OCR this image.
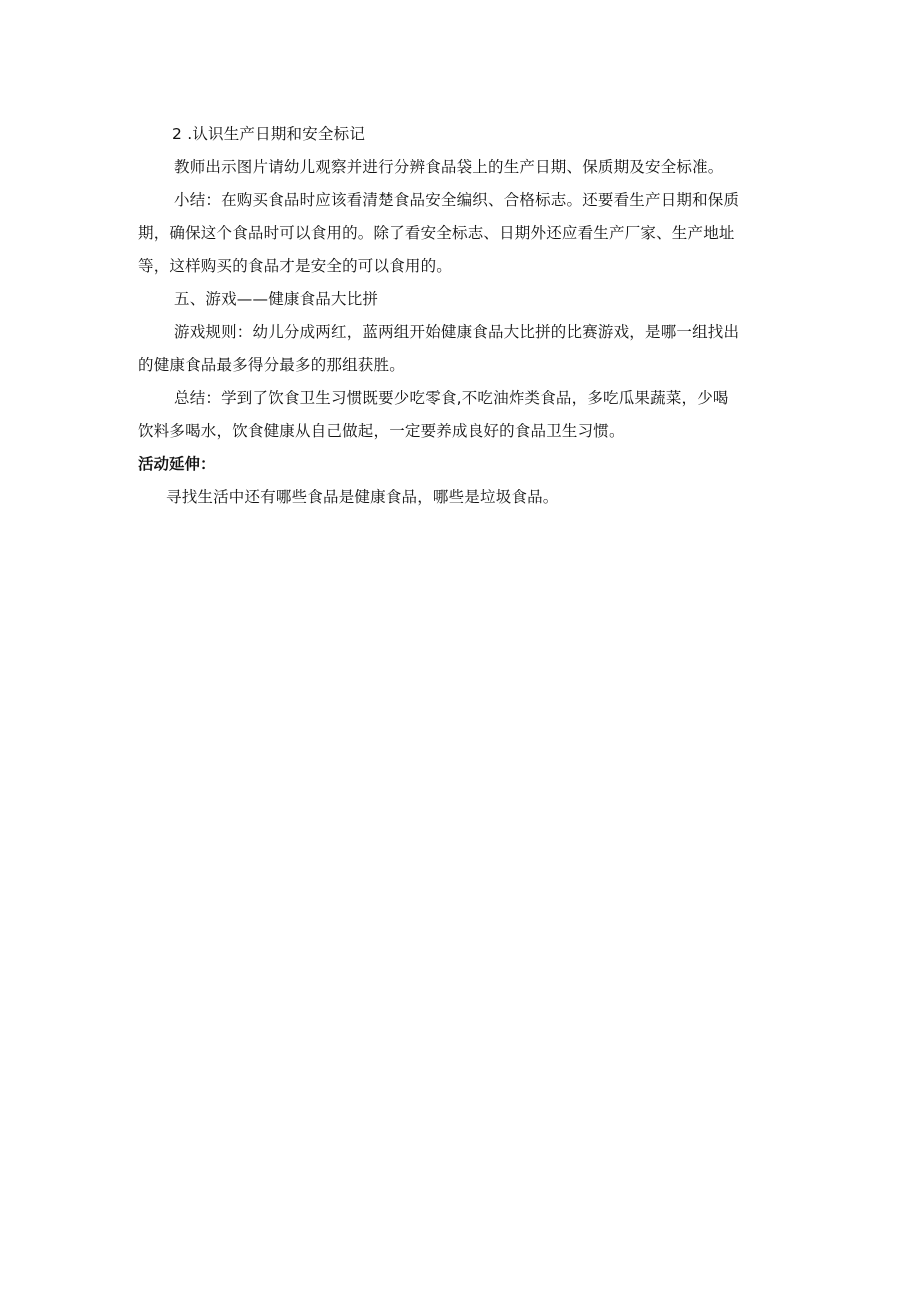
2 .认识生产日期和安全标记
教师出示图片请幼儿观察并进行分辨食品袋上的生产日期、保质期及安全标准。
小结：在购买食品时应该看清楚食品安全编织、合格标志。还要看生产日期和保质
期，确保这个食品时可以食用的。除了看安全标志、日期外还应看生产厂家、生产地址
等，这样购买的食品才是安全的可以食用的。
五、游戏——健康食品大比拼
游戏规则：幼儿分成两红，蓝两组开始健康食品大比拼的比赛游戏，是哪一组找出
的健康食品最多得分最多的那组获胜。
总结：学到了饮食卫生习惯既要少吃零食,不吃油炸类食品，多吃瓜果蔬菜，少喝
饮料多喝水，饮食健康从自己做起，一定要养成良好的食品卫生习惯。
活动延伸：
寻找生活中还有哪些食品是健康食品，哪些是垃圾食品。
